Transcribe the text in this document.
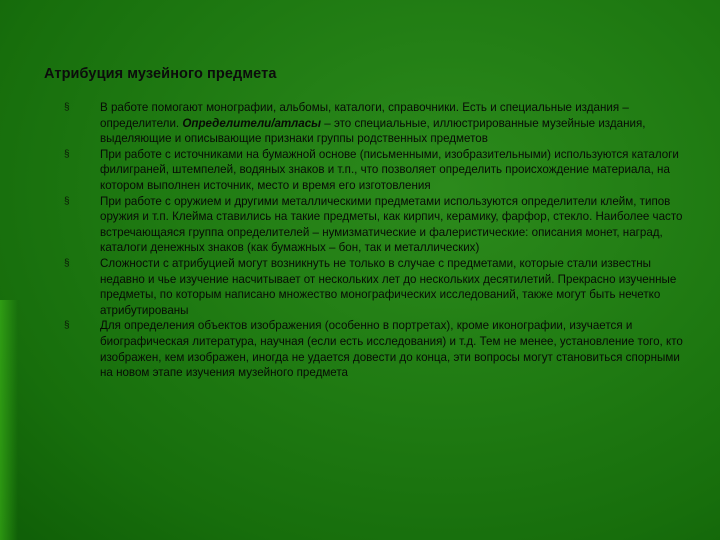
Атрибуция музейного предмета
§	В работе помогают монографии, альбомы, каталоги, справочники. Есть и специальные издания – определители. Определители/атласы – это специальные, иллюстрированные музейные издания, выделяющие и описывающие признаки группы родственных предметов
§	При работе с источниками на бумажной основе (письменными, изобразительными) используются каталоги филиграней, штемпелей, водяных знаков и т.п., что позволяет определить происхождение материала, на котором выполнен источник, место и время его изготовления
§	При работе с оружием и другими металлическими предметами используются определители клейм, типов оружия и т.п. Клейма ставились на такие предметы, как кирпич, керамику, фарфор, стекло. Наиболее часто встречающаяся группа определителей – нумизматические и фалеристические: описания монет, наград, каталоги денежных знаков (как бумажных – бон, так и металлических)
§	Сложности с атрибуцией могут возникнуть не только в случае с предметами, которые стали известны недавно и чье изучение насчитывает от нескольких лет до нескольких десятилетий. Прекрасно изученные предметы, по которым написано множество монографических исследований, также могут быть нечетко атрибутированы
§	Для определения объектов изображения (особенно в портретах), кроме иконографии, изучается и биографическая литература, научная (если есть исследования) и т.д. Тем не менее, установление того, кто изображен, кем изображен, иногда не удается довести до конца, эти вопросы могут становиться спорными на новом этапе изучения музейного предмета
